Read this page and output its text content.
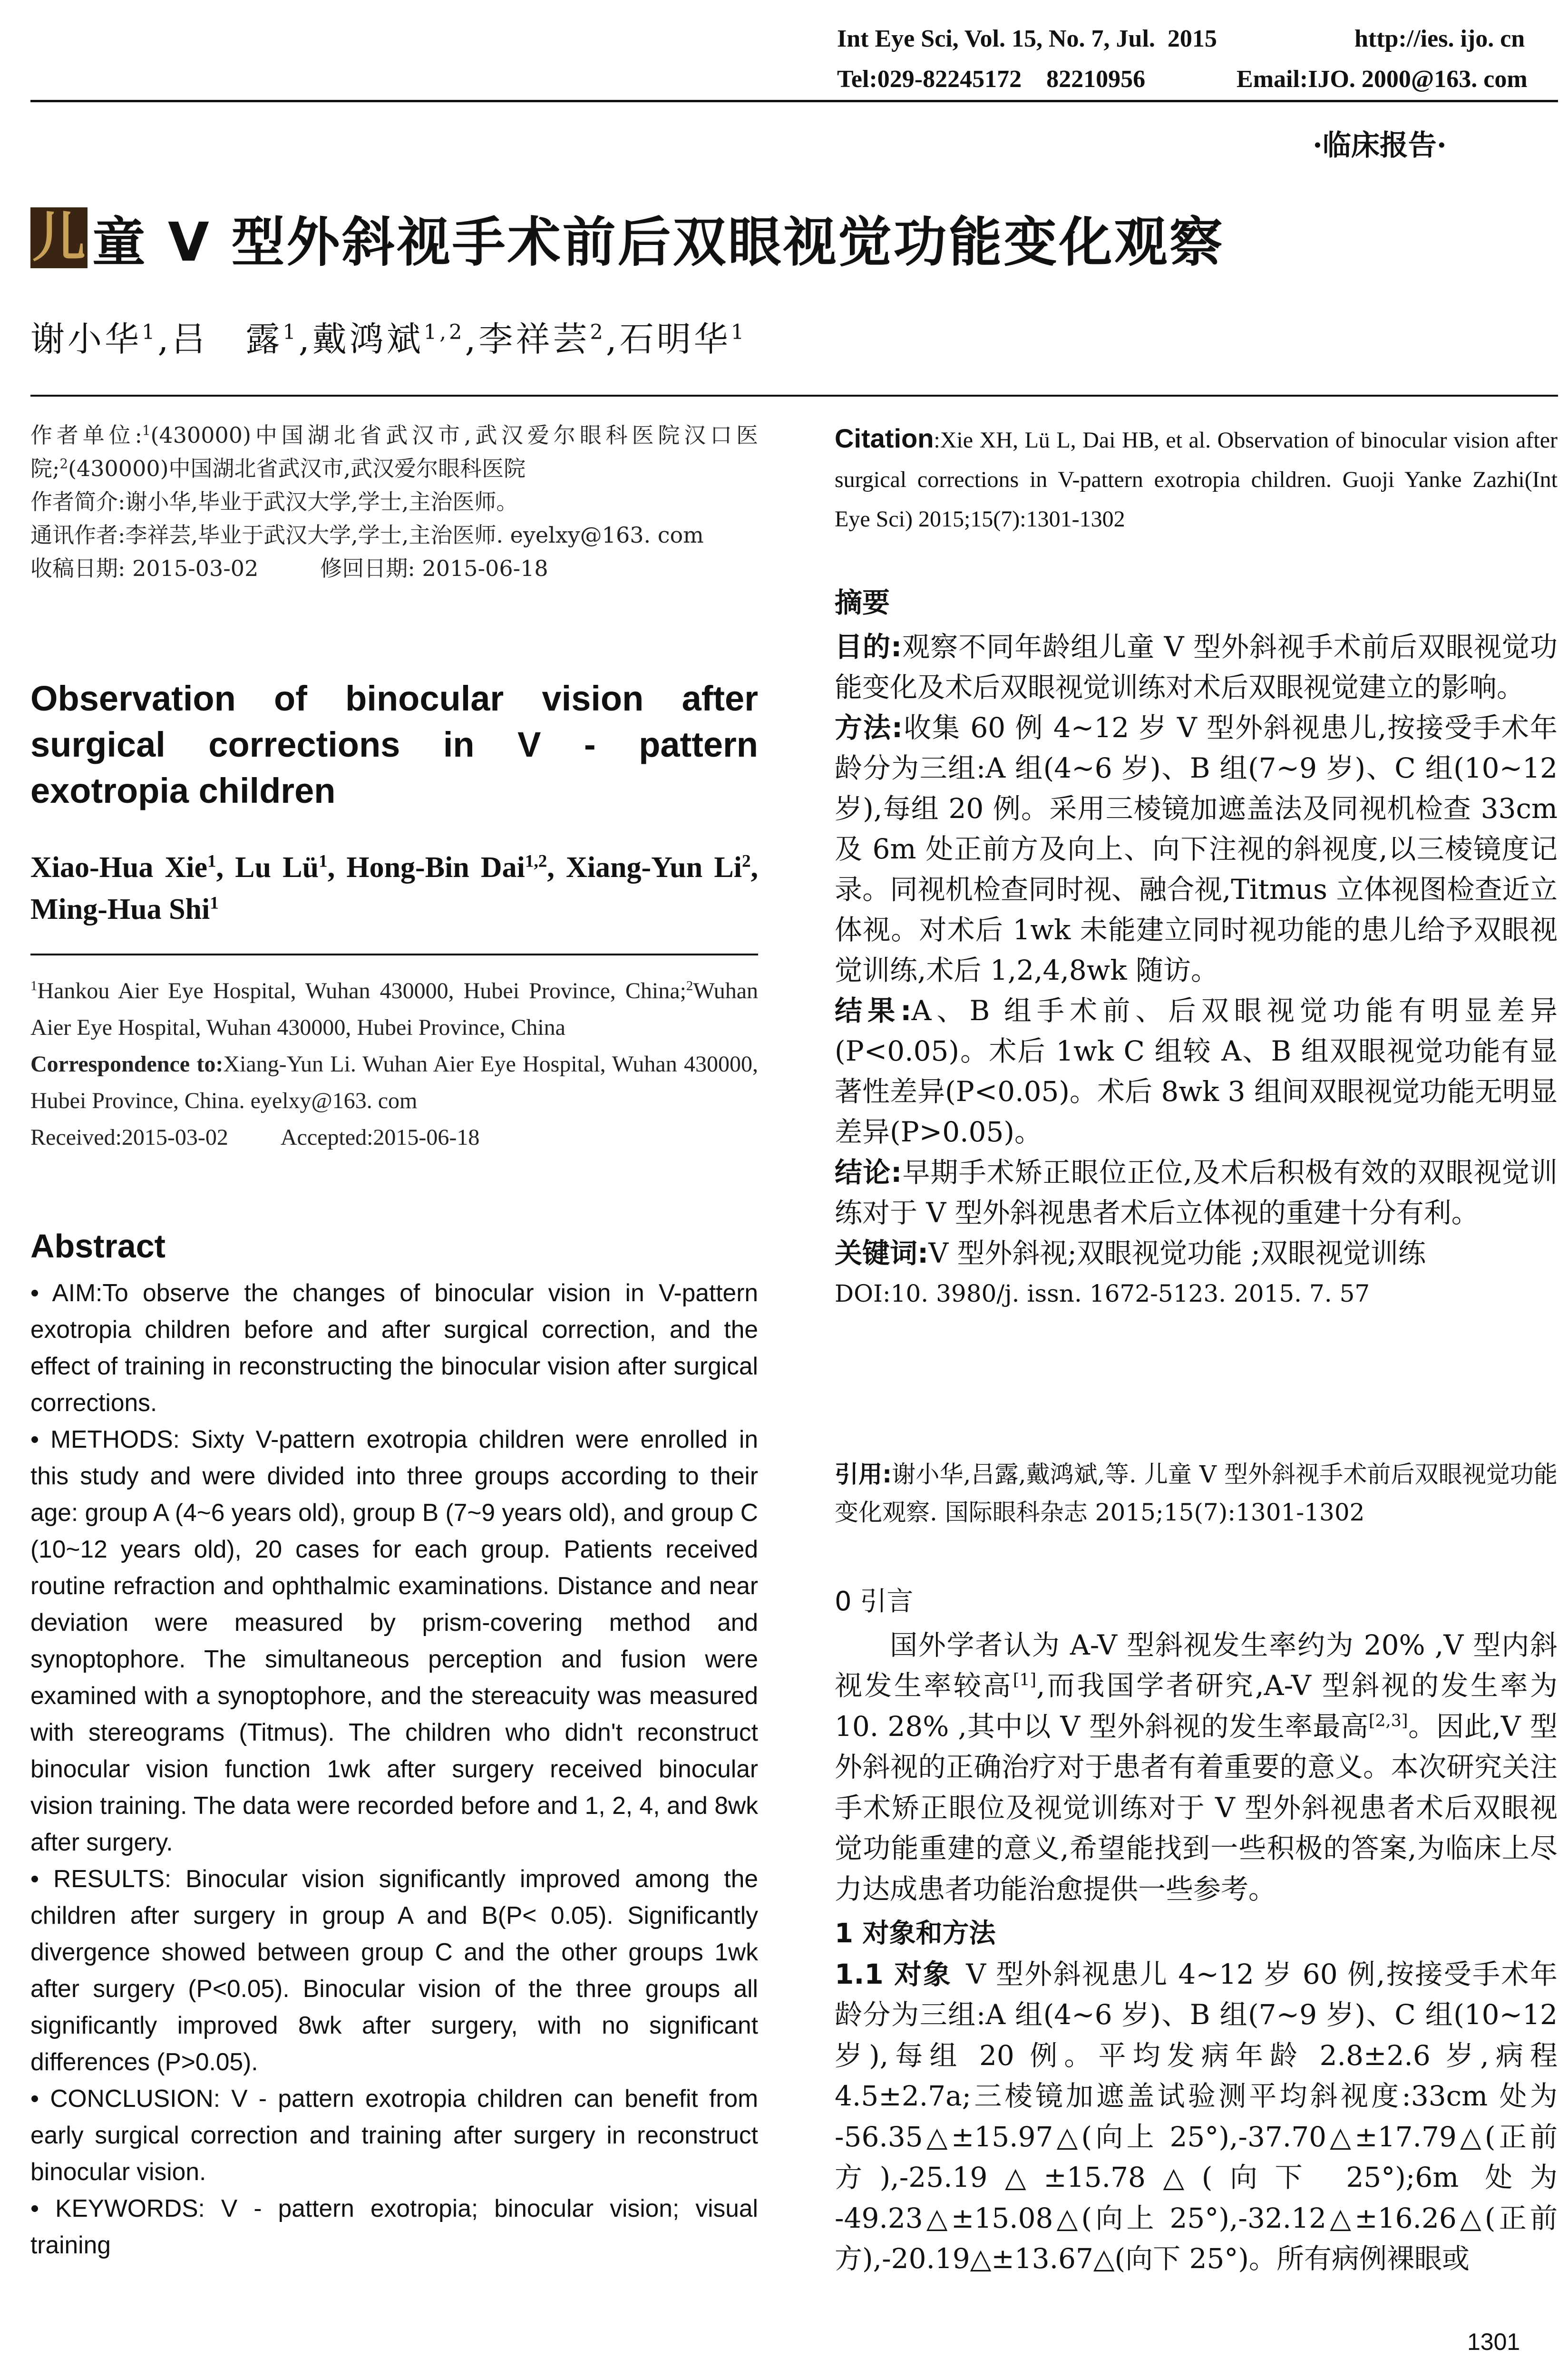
Int Eye Sci, Vol. 15, No. 7, Jul.  2015	http://ies. ijo. cn
Tel:029-82245172    82210956	Email:IJO. 2000@163. com
·临床报告·
儿 童 V 型外斜视手术前后双眼视觉功能变化观察
谢小华$^1$,吕　露$^1$,戴鸿斌$^{1,2}$,李祥芸$^2$,石明华$^1$

作者单位:$^1$(430000)中国湖北省武汉市,武汉爱尔眼科医院汉口医院;$^2$(430000)中国湖北省武汉市,武汉爱尔眼科医院

作者简介:谢小华,毕业于武汉大学,学士,主治医师。

通讯作者:李祥芸,毕业于武汉大学,学士,主治医师. eyelxy@163. com

收稿日期: 2015-03-02	修回日期: 2015-06-18

Observation of binocular vision after surgical corrections in V - pattern exotropia children
Xiao-Hua Xie$^1$, Lu $Lü^1$, Hong-Bin Dai$^{1,2}$, Xiang-Yun Li$^2$, Ming-Hua Shi$^1$

$^1$Hankou Aier Eye Hospital, Wuhan 430000, Hubei Province, China;$^2$Wuhan Aier Eye Hospital, Wuhan 430000, Hubei Province, China

Correspondence to:Xiang-Yun Li. Wuhan Aier Eye Hospital, Wuhan 430000, Hubei Province, China. eyelxy@163. com

Received:2015-03-02 Accepted:2015-06-18

Abstract

• AIM:To observe the changes of binocular vision in V-pattern exotropia children before and after surgical correction, and the effect of training in reconstructing the binocular vision after surgical corrections.

• METHODS: Sixty V-pattern exotropia children were enrolled in this study and were divided into three groups according to their age: group A (4~6 years old), group B (7~9 years old), and group C (10~12 years old), 20 cases for each group. Patients received routine refraction and ophthalmic examinations. Distance and near deviation were measured by prism-covering method and synoptophore. The simultaneous perception and fusion were examined with a synoptophore, and the stereacuity was measured with stereograms (Titmus). The children who didn't reconstruct binocular vision function 1wk after surgery received binocular vision training. The data were recorded before and 1, 2, 4, and 8wk after surgery.

• RESULTS: Binocular vision significantly improved among the children after surgery in group A and B(P< 0.05). Significantly divergence showed between group C and the other groups 1wk after surgery (P<0.05). Binocular vision of the three groups all significantly improved 8wk after surgery, with no significant differences (P>0.05).

• CONCLUSION: V - pattern exotropia children can benefit from early surgical correction and training after surgery in reconstruct binocular vision.

• KEYWORDS: V - pattern exotropia; binocular vision; visual training

Citation:Xie XH, Lü L, Dai HB, et al. Observation of binocular vision after surgical corrections in V-pattern exotropia children. Guoji Yanke Zazhi(Int Eye Sci) 2015;15(7):1301-1302

摘要

目的:观察不同年龄组儿童 V 型外斜视手术前后双眼视觉功能变化及术后双眼视觉训练对术后双眼视觉建立的影响。

方法:收集 60 例 4~12 岁 V 型外斜视患儿,按接受手术年龄分为三组:A 组(4~6 岁)、B 组(7~9 岁)、C 组(10~12 岁),每组 20 例。采用三棱镜加遮盖法及同视机检查 33cm 及 6m 处正前方及向上、向下注视的斜视度,以三棱镜度记录。同视机检查同时视、融合视,Titmus 立体视图检查近立体视。对术后 1wk 未能建立同时视功能的患儿给予双眼视觉训练,术后 1,2,4,8wk 随访。

结果:A、B 组手术前、后双眼视觉功能有明显差异(P<0.05)。术后 1wk C 组较 A、B 组双眼视觉功能有显著性差异(P<0.05)。术后 8wk 3 组间双眼视觉功能无明显差异(P>0.05)。

结论:早期手术矫正眼位正位,及术后积极有效的双眼视觉训练对于 V 型外斜视患者术后立体视的重建十分有利。

关键词:V 型外斜视;双眼视觉功能 ;双眼视觉训练

DOI:10. 3980/j. issn. 1672-5123. 2015. 7. 57

引用:谢小华,吕露,戴鸿斌,等. 儿童 V 型外斜视手术前后双眼视觉功能变化观察. 国际眼科杂志 2015;15(7):1301-1302

0 引言

国外学者认为 A-V 型斜视发生率约为 20% ,V 型内斜视发生率较高[1],而我国学者研究,A-V 型斜视的发生率为 10. 28% ,其中以 V 型外斜视的发生率最高[2,3]。因此,V 型外斜视的正确治疗对于患者有着重要的意义。本次研究关注手术矫正眼位及视觉训练对于 V 型外斜视患者术后双眼视觉功能重建的意义,希望能找到一些积极的答案,为临床上尽力达成患者功能治愈提供一些参考。

1 对象和方法

1.1 对象 V 型外斜视患儿 4~12 岁 60 例,按接受手术年龄分为三组:A 组(4~6 岁)、B 组(7~9 岁)、C 组(10~12 岁),每组 20 例。平均发病年龄 2.8±2.6 岁,病程 4.5±2.7a;三棱镜加遮盖试验测平均斜视度:33cm 处为 -56.35△±15.97△(向上 25°),-37.70△±17.79△(正前方),-25.19△±15.78△(向下 25°);6m 处为 -49.23△±15.08△(向上 25°),-32.12△±16.26△(正前方),-20.19△±13.67△(向下 25°)。所有病例裸眼或

1301
